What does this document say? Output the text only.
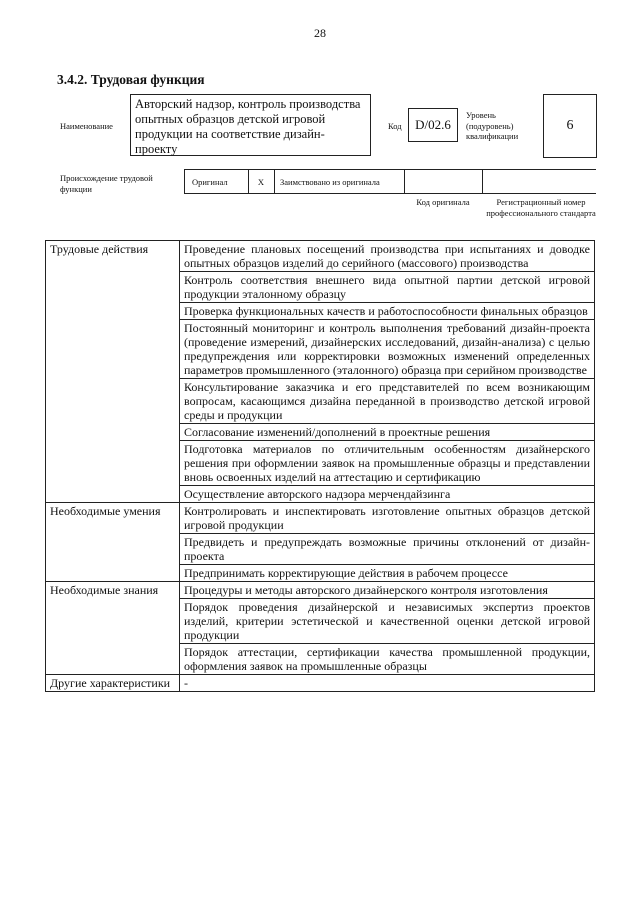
28
3.4.2. Трудовая функция
Наименование
Авторский надзор, контроль производства опытных образцов детской игровой продукции на соответствие дизайн-проекту
Код	D/02.6
Уровень (подуровень) квалификации
6
Происхождение трудовой функции
Оригинал	X	Заимствовано из оригинала
Код оригинала	Регистрационный номер профессионального стандарта
Трудовые действия	Проведение плановых посещений производства при испытаниях и доводке опытных образцов изделий до серийного (массового) производства
	Контроль соответствия внешнего вида опытной партии детской игровой продукции эталонному образцу
	Проверка функциональных качеств и работоспособности финальных образцов
	Постоянный мониторинг и контроль выполнения требований дизайн-проекта (проведение измерений, дизайнерских исследований, дизайн-анализа) с целью предупреждения или корректировки возможных изменений определенных параметров промышленного (эталонного) образца при серийном производстве
	Консультирование заказчика и его представителей по всем возникающим вопросам, касающимся дизайна переданной в производство детской игровой среды и продукции
	Согласование изменений/дополнений в проектные решения
	Подготовка материалов по отличительным особенностям дизайнерского решения при оформлении заявок на промышленные образцы и представлении вновь освоенных изделий на аттестацию и сертификацию
	Осуществление авторского надзора мерчендайзинга
Необходимые умения	Контролировать и инспектировать изготовление опытных образцов детской игровой продукции
	Предвидеть и предупреждать возможные причины отклонений от дизайн-проекта
	Предпринимать корректирующие действия в рабочем процессе
Необходимые знания	Процедуры и методы авторского дизайнерского контроля изготовления
	Порядок проведения дизайнерской и независимых экспертиз проектов изделий, критерии эстетической и качественной оценки детской игровой продукции
	Порядок аттестации, сертификации качества промышленной продукции, оформления заявок на промышленные образцы
Другие характеристики	-
